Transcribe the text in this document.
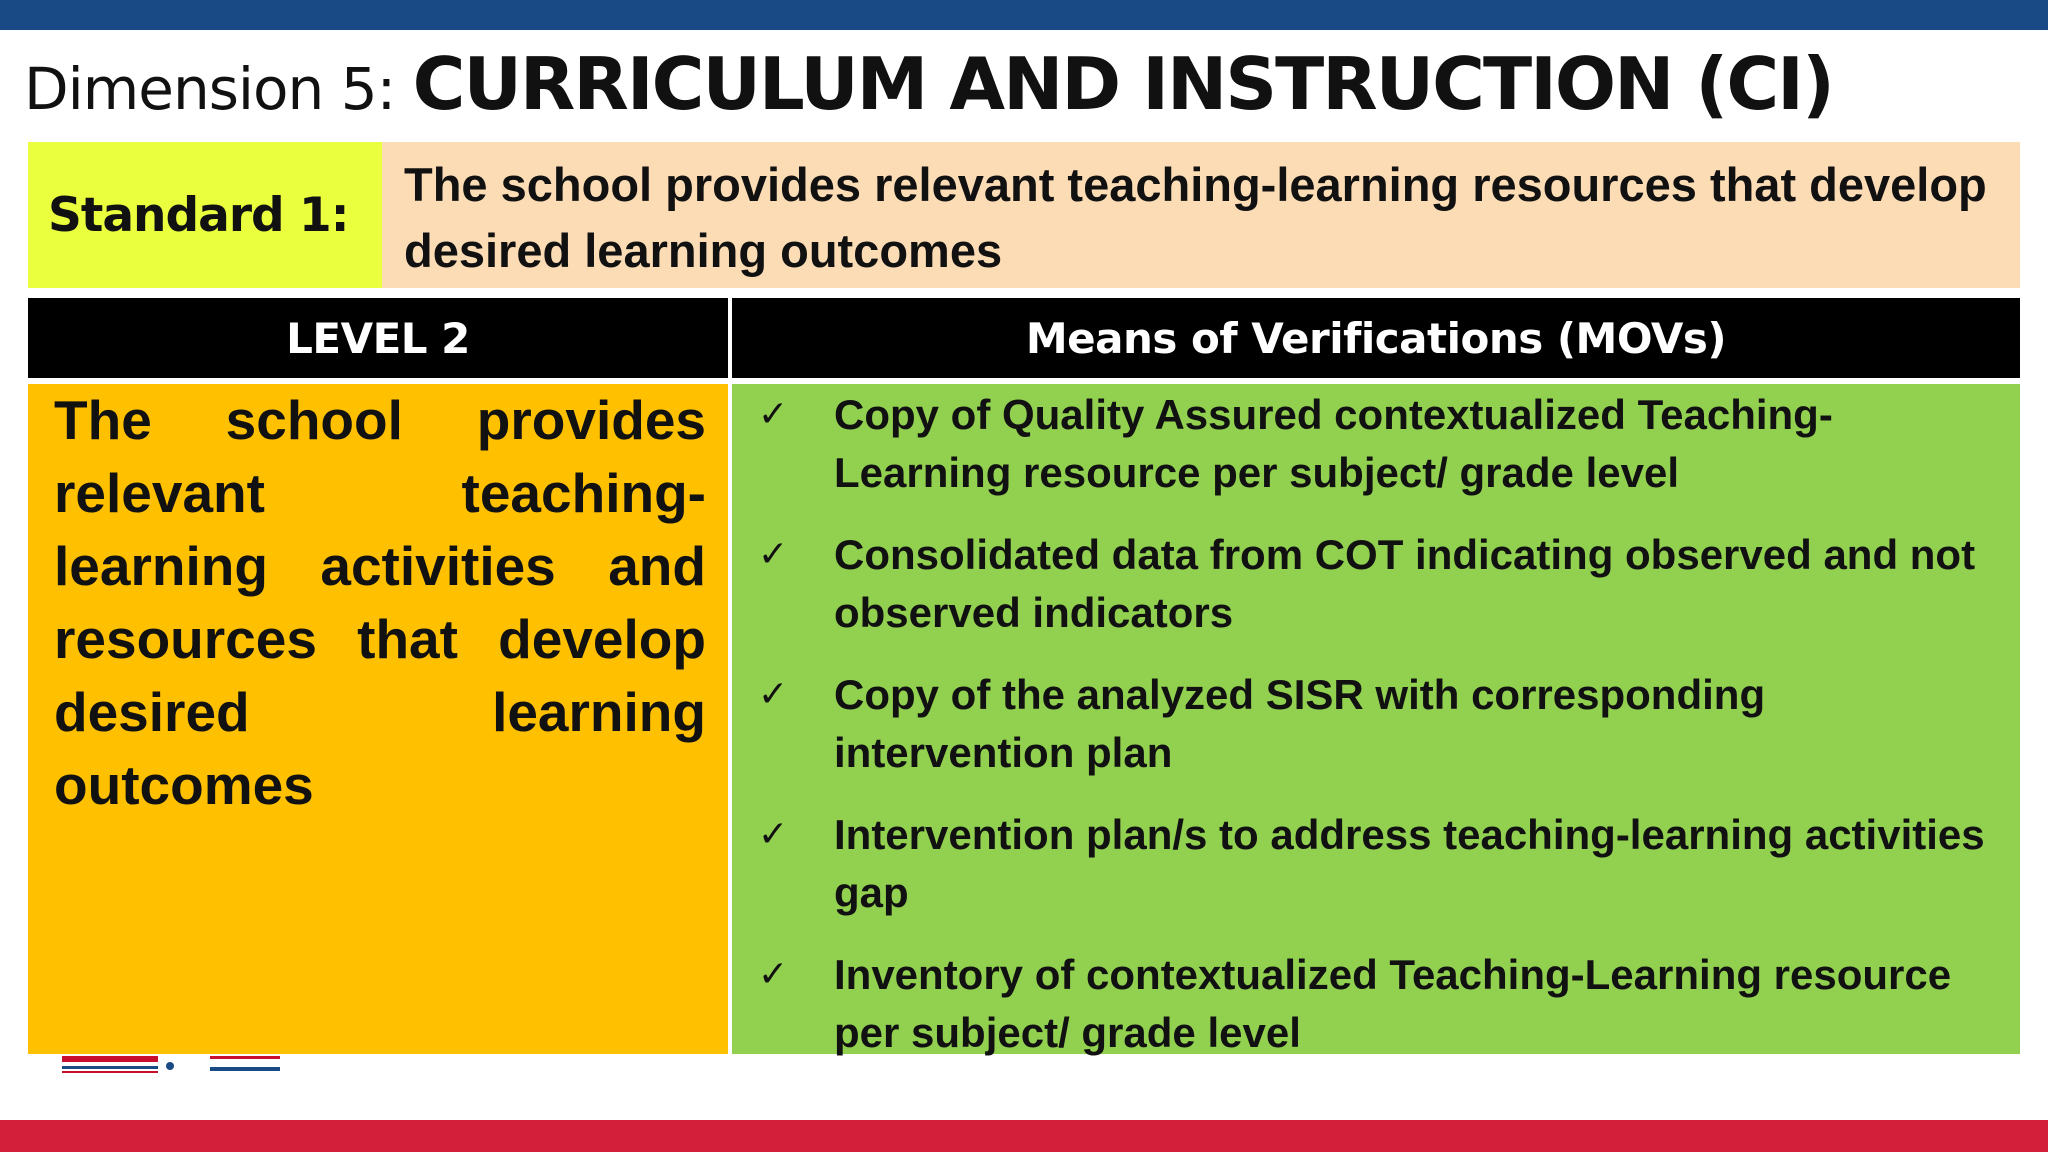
Dimension 5: CURRICULUM AND INSTRUCTION (CI)
Standard 1:
The school provides relevant teaching-learning resources that develop desired learning outcomes
LEVEL 2	Means of Verifications (MOVs)
The school provides relevant teaching-learning activities and resources that develop desired learning outcomes
✓ Copy of Quality Assured contextualized Teaching-Learning resource per subject/ grade level
✓ Consolidated data from COT indicating observed and not observed indicators
✓ Copy of the analyzed SISR with corresponding intervention plan
✓ Intervention plan/s to address teaching-learning activities gap
✓ Inventory of contextualized Teaching-Learning resource per subject/ grade level
